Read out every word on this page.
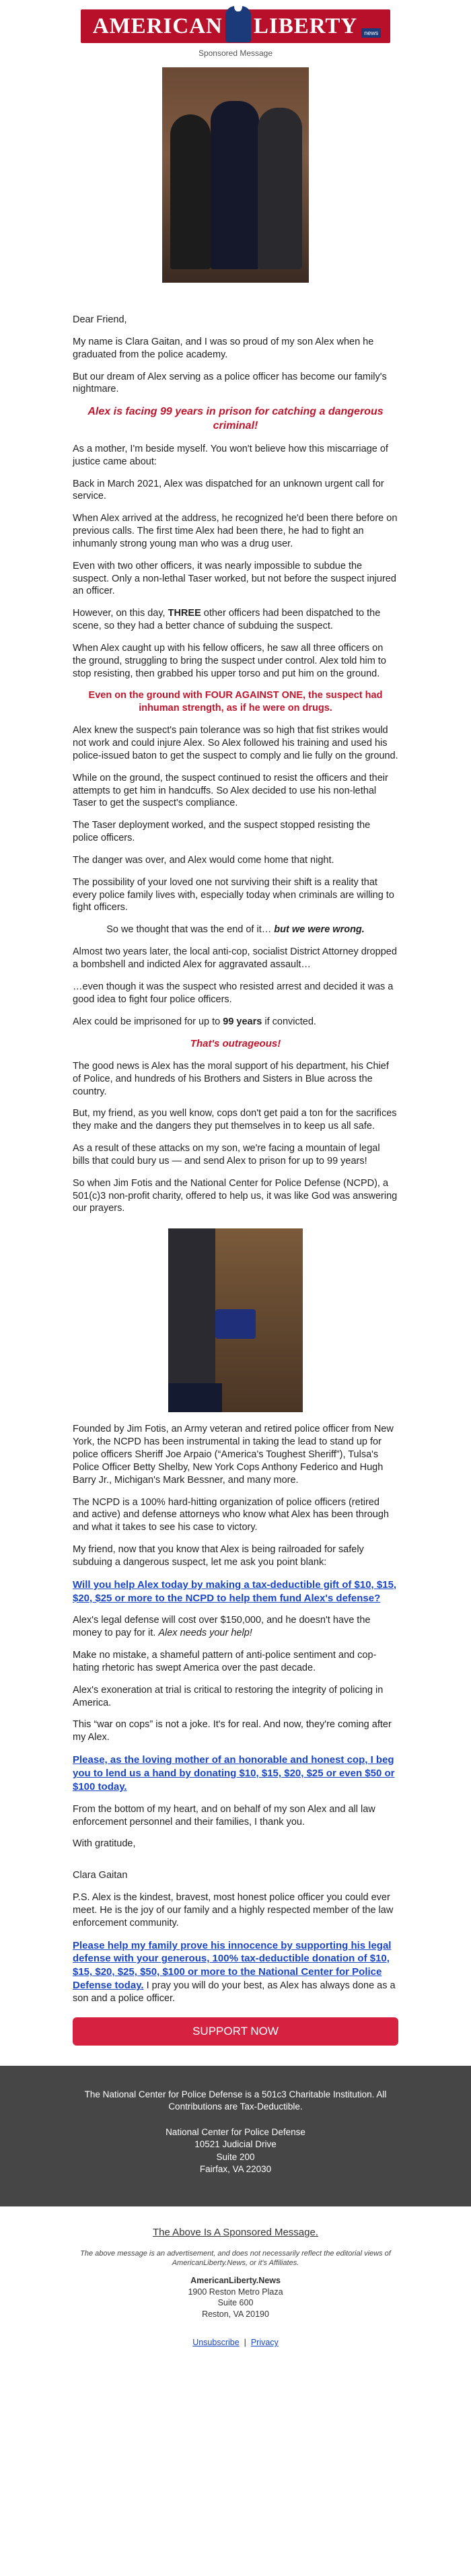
AMERICAN LIBERTY	news
Sponsored Message

Dear Friend,

My name is Clara Gaitan, and I was so proud of my son Alex when he graduated from the police academy.

But our dream of Alex serving as a police officer has become our family's nightmare.

Alex is facing 99 years in prison for catching a dangerous criminal!

As a mother, I'm beside myself. You won't believe how this miscarriage of justice came about:

Back in March 2021, Alex was dispatched for an unknown urgent call for service.

When Alex arrived at the address, he recognized he'd been there before on previous calls. The first time Alex had been there, he had to fight an inhumanly strong young man who was a drug user.

Even with two other officers, it was nearly impossible to subdue the suspect. Only a non-lethal Taser worked, but not before the suspect injured an officer.

However, on this day, THREE other officers had been dispatched to the scene, so they had a better chance of subduing the suspect.

When Alex caught up with his fellow officers, he saw all three officers on the ground, struggling to bring the suspect under control. Alex told him to stop resisting, then grabbed his upper torso and put him on the ground.

Even on the ground with FOUR AGAINST ONE, the suspect had inhuman strength, as if he were on drugs.

Alex knew the suspect's pain tolerance was so high that fist strikes would not work and could injure Alex. So Alex followed his training and used his police-issued baton to get the suspect to comply and lie fully on the ground.

While on the ground, the suspect continued to resist the officers and their attempts to get him in handcuffs. So Alex decided to use his non-lethal Taser to get the suspect's compliance.

The Taser deployment worked, and the suspect stopped resisting the police officers.

The danger was over, and Alex would come home that night.

The possibility of your loved one not surviving their shift is a reality that every police family lives with, especially today when criminals are willing to fight officers.

So we thought that was the end of it… but we were wrong.

Almost two years later, the local anti-cop, socialist District Attorney dropped a bombshell and indicted Alex for aggravated assault…

…even though it was the suspect who resisted arrest and decided it was a good idea to fight four police officers.

Alex could be imprisoned for up to 99 years if convicted.

That's outrageous!

The good news is Alex has the moral support of his department, his Chief of Police, and hundreds of his Brothers and Sisters in Blue across the country.

But, my friend, as you well know, cops don't get paid a ton for the sacrifices they make and the dangers they put themselves in to keep us all safe.

As a result of these attacks on my son, we're facing a mountain of legal bills that could bury us — and send Alex to prison for up to 99 years!

So when Jim Fotis and the National Center for Police Defense (NCPD), a 501(c)3 non-profit charity, offered to help us, it was like God was answering our prayers.

Founded by Jim Fotis, an Army veteran and retired police officer from New York, the NCPD has been instrumental in taking the lead to stand up for police officers Sheriff Joe Arpaio (“America's Toughest Sheriff”), Tulsa's Police Officer Betty Shelby, New York Cops Anthony Federico and Hugh Barry Jr., Michigan's Mark Bessner, and many more.

The NCPD is a 100% hard-hitting organization of police officers (retired and active) and defense attorneys who know what Alex has been through and what it takes to see his case to victory.

My friend, now that you know that Alex is being railroaded for safely subduing a dangerous suspect, let me ask you point blank:

Will you help Alex today by making a tax-deductible gift of $10, $15, $20, $25 or more to the NCPD to help them fund Alex's defense?

Alex's legal defense will cost over $150,000, and he doesn't have the money to pay for it. Alex needs your help!

Make no mistake, a shameful pattern of anti-police sentiment and cop-hating rhetoric has swept America over the past decade.

Alex's exoneration at trial is critical to restoring the integrity of policing in America.

This “war on cops” is not a joke. It's for real. And now, they're coming after my Alex.

Please, as the loving mother of an honorable and honest cop, I beg you to lend us a hand by donating $10, $15, $20, $25 or even $50 or $100 today.

From the bottom of my heart, and on behalf of my son Alex and all law enforcement personnel and their families, I thank you.

With gratitude,

Clara Gaitan

P.S. Alex is the kindest, bravest, most honest police officer you could ever meet. He is the joy of our family and a highly respected member of the law enforcement community.

Please help my family prove his innocence by supporting his legal defense with your generous, 100% tax-deductible donation of $10, $15, $20, $25, $50, $100 or more to the National Center for Police Defense today. I pray you will do your best, as Alex has always done as a son and a police officer.

SUPPORT NOW
The National Center for Police Defense is a 501c3 Charitable Institution. All
Contributions are Tax-Deductible.
National Center for Police Defense
10521 Judicial Drive
Suite 200
Fairfax, VA 22030
The Above Is A Sponsored Message.
The above message is an advertisement, and does not necessarily reflect the editorial views of AmericanLiberty.News, or it's Affiliates.
AmericanLiberty.News
1900 Reston Metro Plaza
Suite 600
Reston, VA 20190
Unsubscribe | Privacy
